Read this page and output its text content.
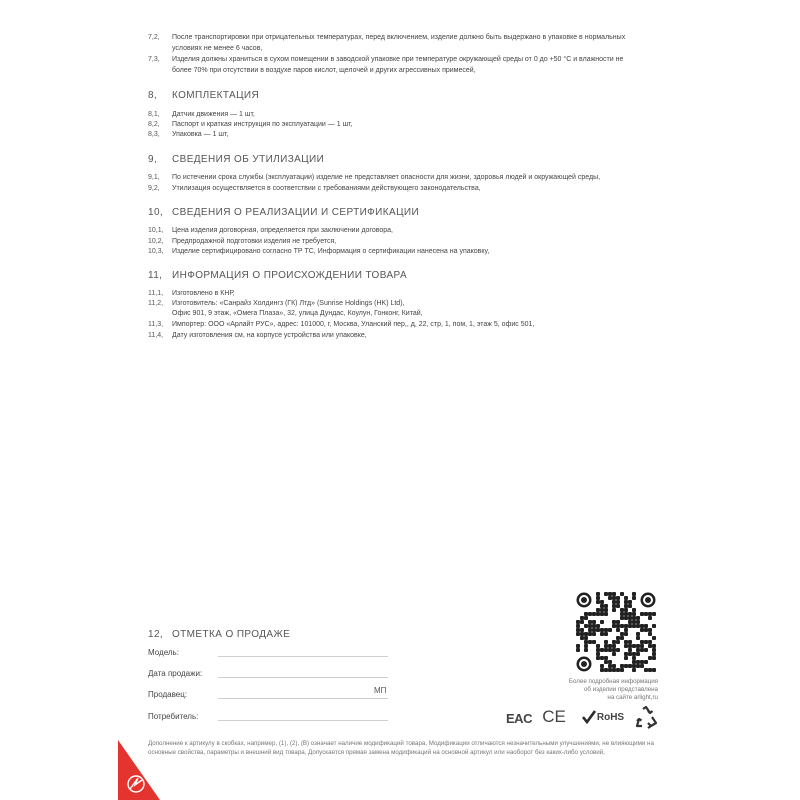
7,2, После транспортировки при отрицательных температурах, перед включением, изделие должно быть выдержано в упаковке в нормальных условиях не менее 6 часов,
7,3, Изделия должны храниться в сухом помещении в заводской упаковке при температуре окружающей среды от 0 до +50 °С и влажности не более 70% при отсутствии в воздухе паров кислот, щелочей и других агрессивных примесей,
8, КОМПЛЕКТАЦИЯ
8,1, Датчик движения — 1 шт,
8,2, Паспорт и краткая инструкция по эксплуатации — 1 шт,
8,3, Упаковка — 1 шт,
9, СВЕДЕНИЯ ОБ УТИЛИЗАЦИИ
9,1, По истечении срока службы (эксплуатации) изделие не представляет опасности для жизни, здоровья людей и окружающей среды,
9,2, Утилизация осуществляется в соответствии с требованиями действующего законодательства,
10, СВЕДЕНИЯ О РЕАЛИЗАЦИИ И СЕРТИФИКАЦИИ
10,1, Цена изделия договорная, определяется при заключении договора,
10,2, Предпродажной подготовки изделия не требуется,
10,3, Изделие сертифицировано согласно ТР ТС, Информация о сертификации нанесена на упаковку,
11, ИНФОРМАЦИЯ О ПРОИСХОЖДЕНИИ ТОВАРА
11,1, Изготовлено в КНР,
11,2, Изготовитель: «Санрайз Холдингз (ГК) Лтд» (Sunrise Holdings (HK) Ltd),
Офис 901, 9 этаж, «Омега Плаза», 32, улица Дундас, Коулун, Гонконг, Китай,
11,3, Импортер: ООО «Арлайт РУС», адрес: 101000, г, Москва, Уланский пер,, д, 22, стр, 1, пом, 1, этаж 5, офис 501,
11,4, Дату изготовления см, на корпусе устройства или упаковке,
12, ОТМЕТКА О ПРОДАЖЕ
Модель:
Дата продажи:
Продавец:	МП
Потребитель:
Более подробная информация
об изделии представлена
на сайте arlight,ru
EAC CE	RoHS
Дополнение к артикулу в скобках, например, (1), (2), (B) означает наличие модификаций товара, Модификации отличаются незначительными улучшениями, не влияющими на основные свойства, параметры и внешний вид товара, Допускается прямая замена модификаций на основной артикул или наоборот без каких-либо условий,
